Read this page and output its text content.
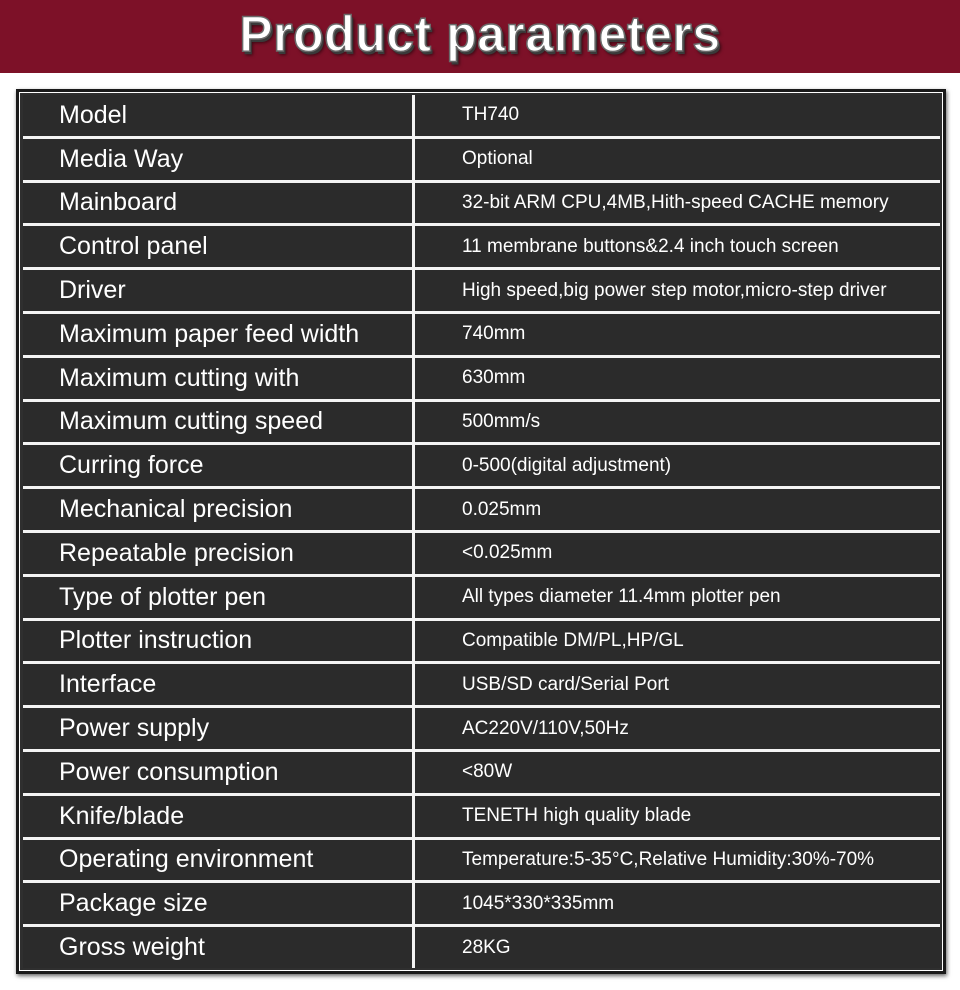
Product parameters
Model	TH740
Media Way	Optional
Mainboard	32-bit ARM CPU,4MB,Hith-speed CACHE memory
Control panel	11 membrane buttons&2.4 inch touch screen
Driver	High speed,big power step motor,micro-step driver
Maximum paper feed width	740mm
Maximum cutting with	630mm
Maximum cutting speed	500mm/s
Curring force	0-500(digital adjustment)
Mechanical precision	0.025mm
Repeatable precision	<0.025mm
Type of plotter pen	All types diameter 11.4mm plotter pen
Plotter instruction	Compatible DM/PL,HP/GL
Interface	USB/SD card/Serial Port
Power supply	AC220V/110V,50Hz
Power consumption	<80W
Knife/blade	TENETH high quality blade
Operating environment	Temperature:5-35°C,Relative Humidity:30%-70%
Package size	1045*330*335mm
Gross weight	28KG
